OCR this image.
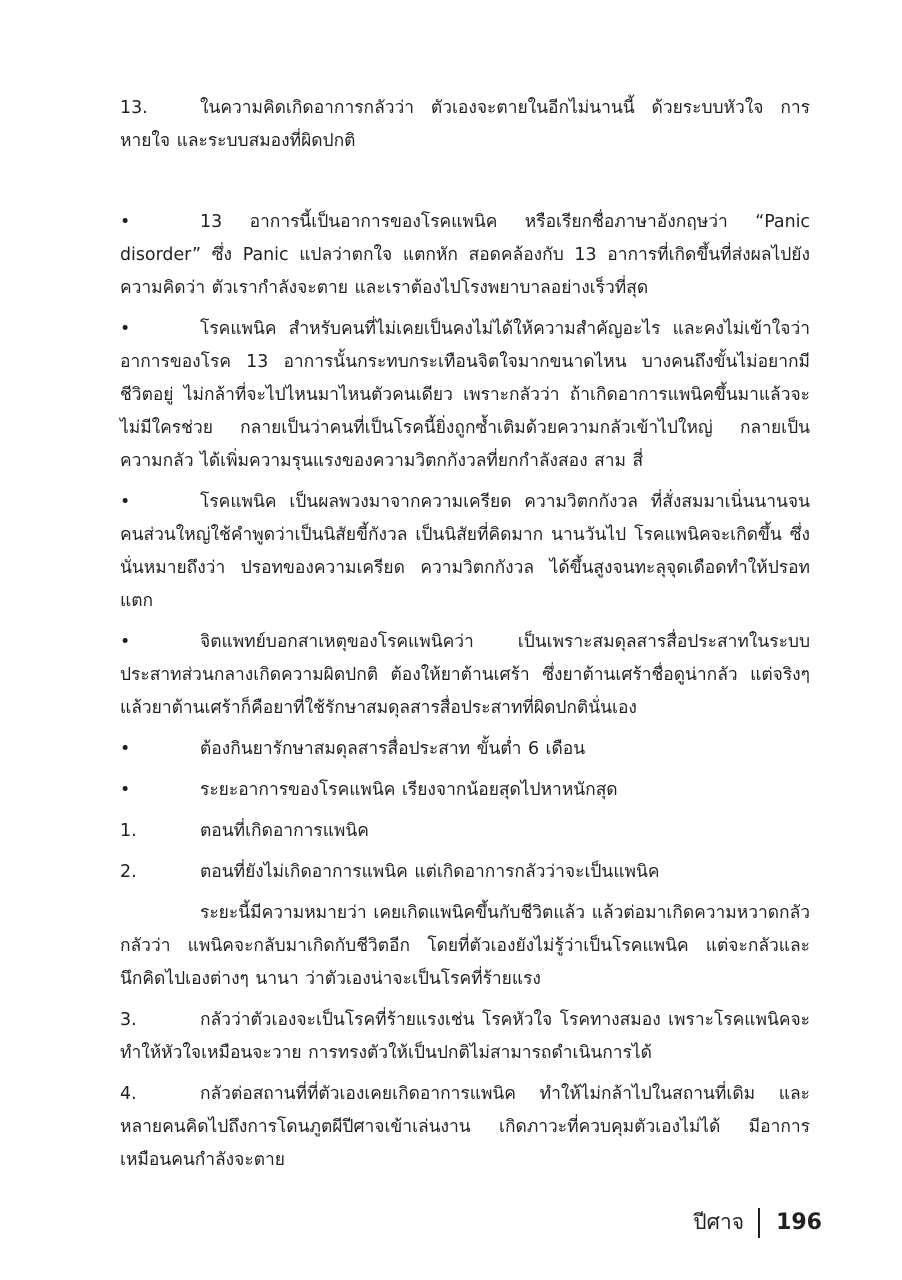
13.	ในความคิดเกิดอาการกลัวว่า ตัวเองจะตายในอีกไม่นานนี้ ด้วยระบบหัวใจ การหายใจ และระบบสมองที่ผิดปกติ

•	13 อาการนี้เป็นอาการของโรคแพนิค หรือเรียกชื่อภาษาอังกฤษว่า “Panic disorder” ซึ่ง Panic แปลว่าตกใจ แตกหัก สอดคล้องกับ 13 อาการที่เกิดขึ้นที่ส่งผลไปยังความคิดว่า ตัวเรากำลังจะตาย และเราต้องไปโรงพยาบาลอย่างเร็วที่สุด

•	โรคแพนิค สำหรับคนที่ไม่เคยเป็นคงไม่ได้ให้ความสำคัญอะไร และคงไม่เข้าใจว่าอาการของโรค 13 อาการนั้นกระทบกระเทือนจิตใจมากขนาดไหน บางคนถึงขั้นไม่อยากมีชีวิตอยู่ ไม่กล้าที่จะไปไหนมาไหนตัวคนเดียว เพราะกลัวว่า ถ้าเกิดอาการแพนิคขึ้นมาแล้วจะไม่มีใครช่วย กลายเป็นว่าคนที่เป็นโรคนี้ยิ่งถูกซ้ำเติมด้วยความกลัวเข้าไปใหญ่ กลายเป็นความกลัว ได้เพิ่มความรุนแรงของความวิตกกังวลที่ยกกำลังสอง สาม สี่

•	โรคแพนิค เป็นผลพวงมาจากความเครียด ความวิตกกังวล ที่สั่งสมมาเนิ่นนานจนคนส่วนใหญ่ใช้คำพูดว่าเป็นนิสัยขี้กังวล เป็นนิสัยที่คิดมาก นานวันไป โรคแพนิคจะเกิดขึ้น ซึ่งนั่นหมายถึงว่า ปรอทของความเครียด ความวิตกกังวล ได้ขึ้นสูงจนทะลุจุดเดือดทำให้ปรอทแตก

•	จิตแพทย์บอกสาเหตุของโรคแพนิคว่า เป็นเพราะสมดุลสารสื่อประสาทในระบบประสาทส่วนกลางเกิดความผิดปกติ ต้องให้ยาต้านเศร้า ซึ่งยาต้านเศร้าชื่อดูน่ากลัว แต่จริงๆ แล้วยาต้านเศร้าก็คือยาที่ใช้รักษาสมดุลสารสื่อประสาทที่ผิดปกตินั่นเอง

•	ต้องกินยารักษาสมดุลสารสื่อประสาท ขั้นต่ำ 6 เดือน

•	ระยะอาการของโรคแพนิค เรียงจากน้อยสุดไปหาหนักสุด

1.	ตอนที่เกิดอาการแพนิค

2.	ตอนที่ยังไม่เกิดอาการแพนิค แต่เกิดอาการกลัวว่าจะเป็นแพนิค

ระยะนี้มีความหมายว่า เคยเกิดแพนิคขึ้นกับชีวิตแล้ว แล้วต่อมาเกิดความหวาดกลัว กลัวว่า แพนิคจะกลับมาเกิดกับชีวิตอีก โดยที่ตัวเองยังไม่รู้ว่าเป็นโรคแพนิค แต่จะกลัวและนึกคิดไปเองต่างๆ นานา ว่าตัวเองน่าจะเป็นโรคที่ร้ายแรง

3.	กลัวว่าตัวเองจะเป็นโรคที่ร้ายแรงเช่น โรคหัวใจ โรคทางสมอง เพราะโรคแพนิคจะทำให้หัวใจเหมือนจะวาย การทรงตัวให้เป็นปกติไม่สามารถดำเนินการได้

4.	กลัวต่อสถานที่ที่ตัวเองเคยเกิดอาการแพนิค ทำให้ไม่กล้าไปในสถานที่เดิม และหลายคนคิดไปถึงการโดนภูตผีปีศาจเข้าเล่นงาน เกิดภาวะที่ควบคุมตัวเองไม่ได้ มีอาการเหมือนคนกำลังจะตาย

ปีศาจ 196
